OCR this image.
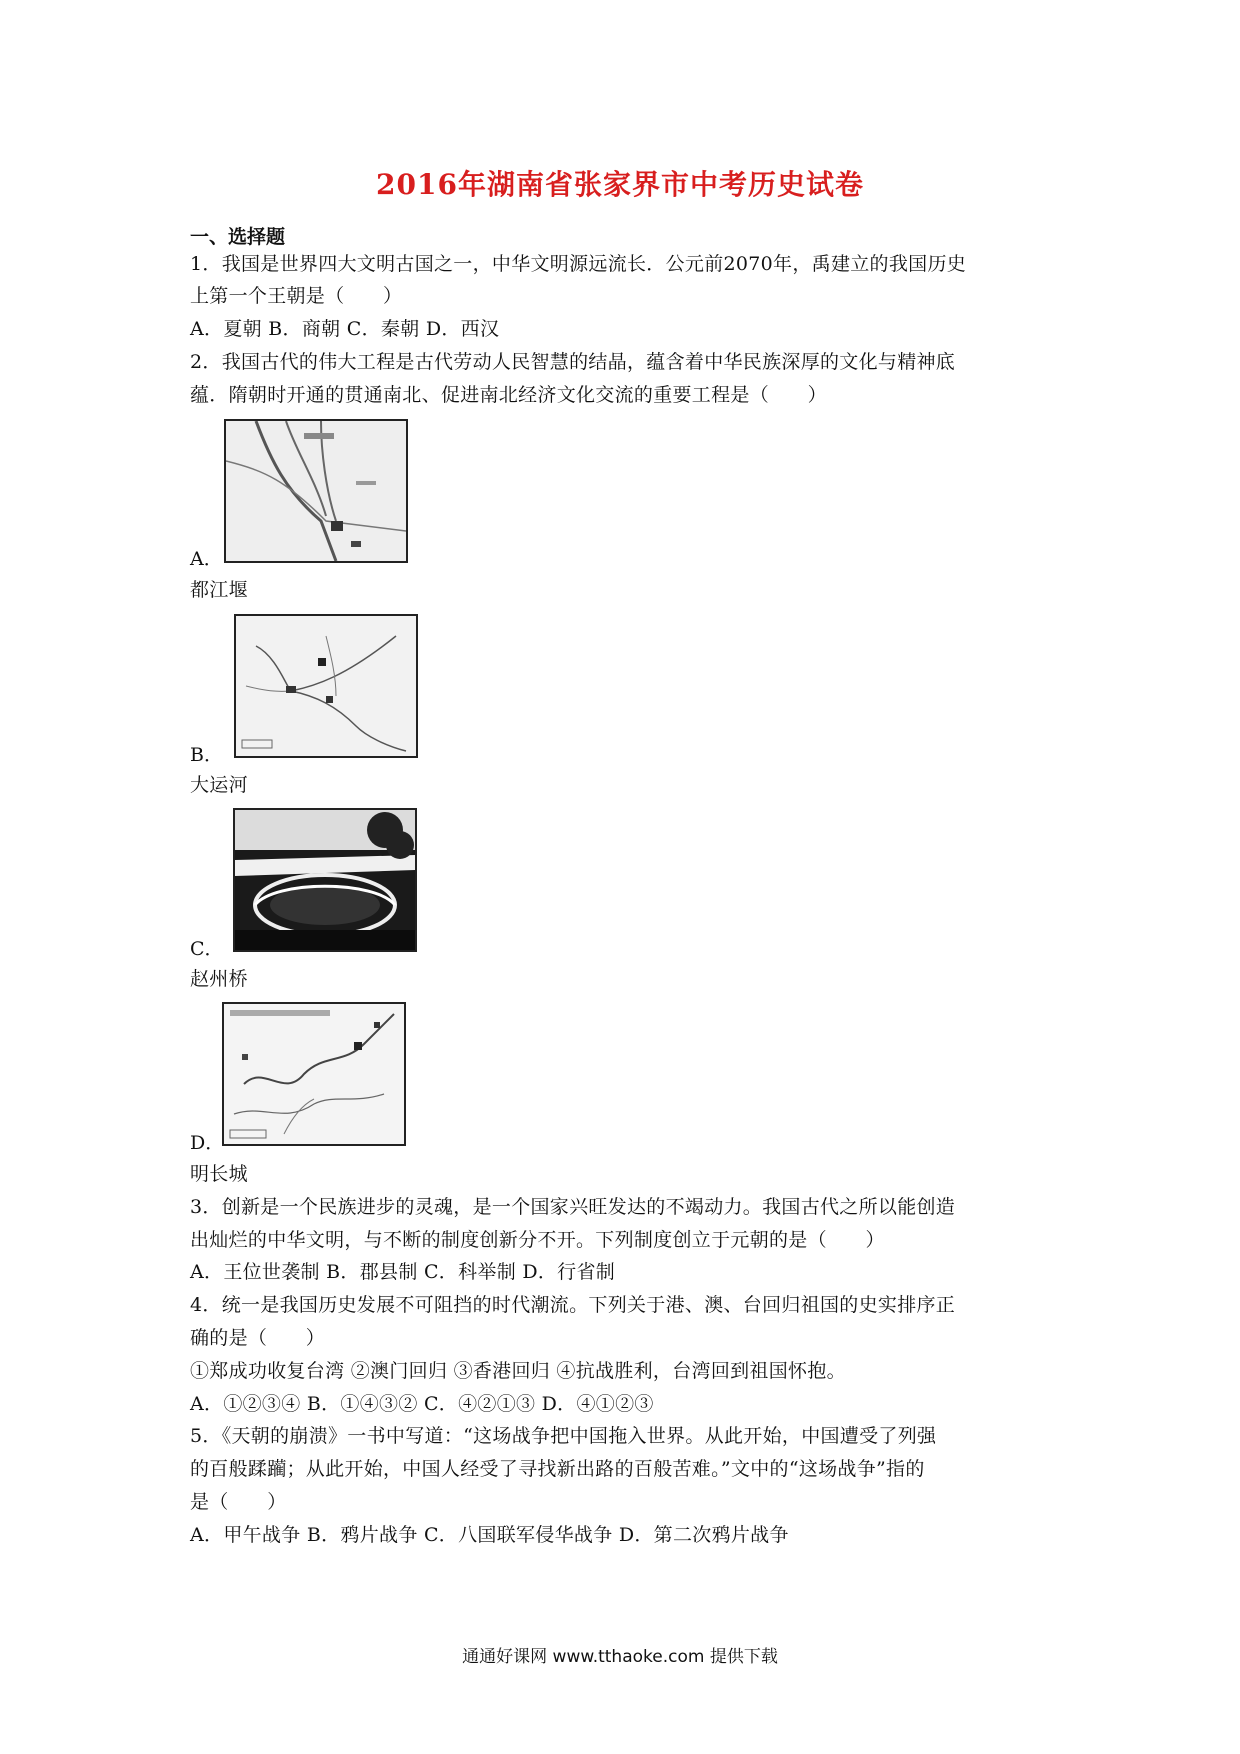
2016年湖南省张家界市中考历史试卷
一、选择题
1．我国是世界四大文明古国之一，中华文明源远流长．公元前2070年，禹建立的我国历史
上第一个王朝是（　　）
A．夏朝 B．商朝 C．秦朝 D．西汉
2．我国古代的伟大工程是古代劳动人民智慧的结晶，蕴含着中华民族深厚的文化与精神底
蕴．隋朝时开通的贯通南北、促进南北经济文化交流的重要工程是（　　）
A．
都江堰
B．
大运河
C．
赵州桥
D．
明长城
3．创新是一个民族进步的灵魂，是一个国家兴旺发达的不竭动力。我国古代之所以能创造
出灿烂的中华文明，与不断的制度创新分不开。下列制度创立于元朝的是（　　）
A．王位世袭制 B．郡县制 C．科举制 D．行省制
4．统一是我国历史发展不可阻挡的时代潮流。下列关于港、澳、台回归祖国的史实排序正
确的是（　　）
①郑成功收复台湾 ②澳门回归 ③香港回归 ④抗战胜利，台湾回到祖国怀抱。
A．①②③④ B．①④③② C．④②①③ D．④①②③
5．《天朝的崩溃》一书中写道：“这场战争把中国拖入世界。从此开始，中国遭受了列强
的百般蹂躏；从此开始，中国人经受了寻找新出路的百般苦难。”文中的“这场战争”指的
是（　　）
A．甲午战争 B．鸦片战争 C．八国联军侵华战争 D．第二次鸦片战争
通通好课网 www.tthaoke.com 提供下载
